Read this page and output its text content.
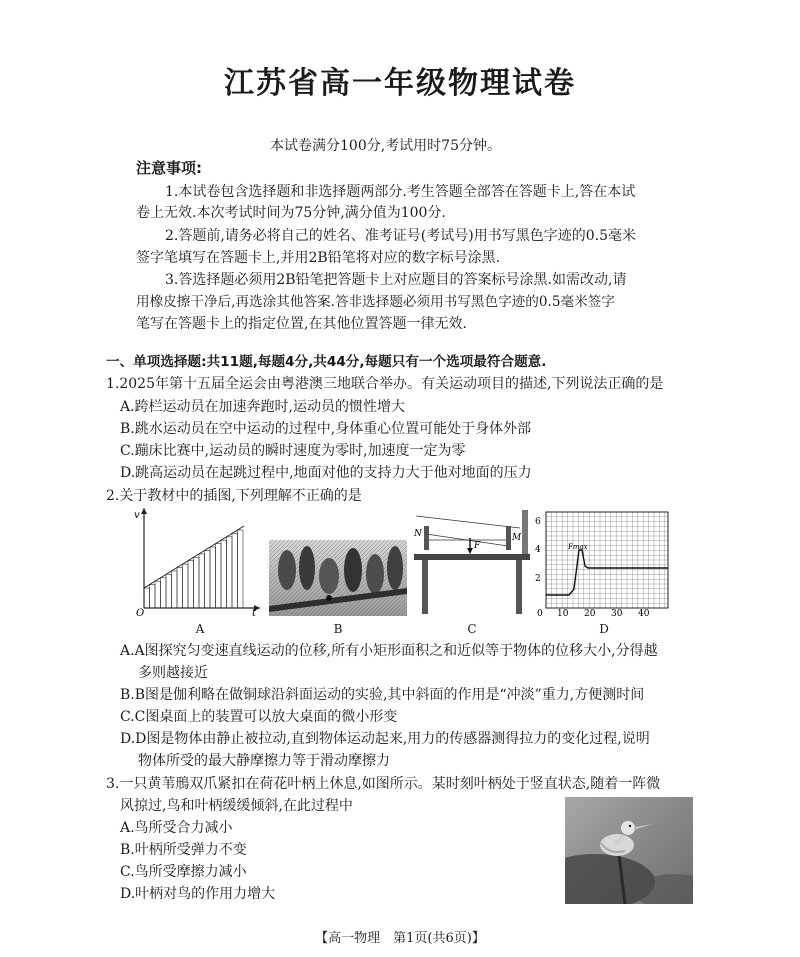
江苏省高一年级物理试卷
本试卷满分100分,考试用时75分钟。
注意事项:
1.本试卷包含选择题和非选择题两部分.考生答题全部答在答题卡上,答在本试
卷上无效.本次考试时间为75分钟,满分值为100分.
2.答题前,请务必将自己的姓名、准考证号(考试号)用书写黑色字迹的0.5毫米
签字笔填写在答题卡上,并用2B铅笔将对应的数字标号涂黑.
3.答选择题必须用2B铅笔把答题卡上对应题目的答案标号涂黑.如需改动,请
用橡皮擦干净后,再选涂其他答案.答非选择题必须用书写黑色字迹的0.5毫米签字
笔写在答题卡上的指定位置,在其他位置答题一律无效.
一、单项选择题:共11题,每题4分,共44分,每题只有一个选项最符合题意.
1.2025年第十五届全运会由粤港澳三地联合举办。有关运动项目的描述,下列说法正确的是
A.跨栏运动员在加速奔跑时,运动员的惯性增大
B.跳水运动员在空中运动的过程中,身体重心位置可能处于身体外部
C.蹦床比赛中,运动员的瞬时速度为零时,加速度一定为零
D.跳高运动员在起跳过程中,地面对他的支持力大于他对地面的压力
2.关于教材中的插图,下列理解不正确的是
v
t
O
A	B
F
N	M
C
6
4
2
0 10 20 30 40
Fmax
D
A.A图探究匀变速直线运动的位移,所有小矩形面积之和近似等于物体的位移大小,分得越
多则越接近
B.B图是伽利略在做铜球沿斜面运动的实验,其中斜面的作用是“冲淡”重力,方便测时间
C.C图桌面上的装置可以放大桌面的微小形变
D.D图是物体由静止被拉动,直到物体运动起来,用力的传感器测得拉力的变化过程,说明
物体所受的最大静摩擦力等于滑动摩擦力
3.一只黄苇鳽双爪紧扣在荷花叶柄上休息,如图所示。某时刻叶柄处于竖直状态,随着一阵微
风掠过,鸟和叶柄缓缓倾斜,在此过程中
A.鸟所受合力减小
B.叶柄所受弹力不变
C.鸟所受摩擦力减小
D.叶柄对鸟的作用力增大
【高一物理　第1页(共6页)】
